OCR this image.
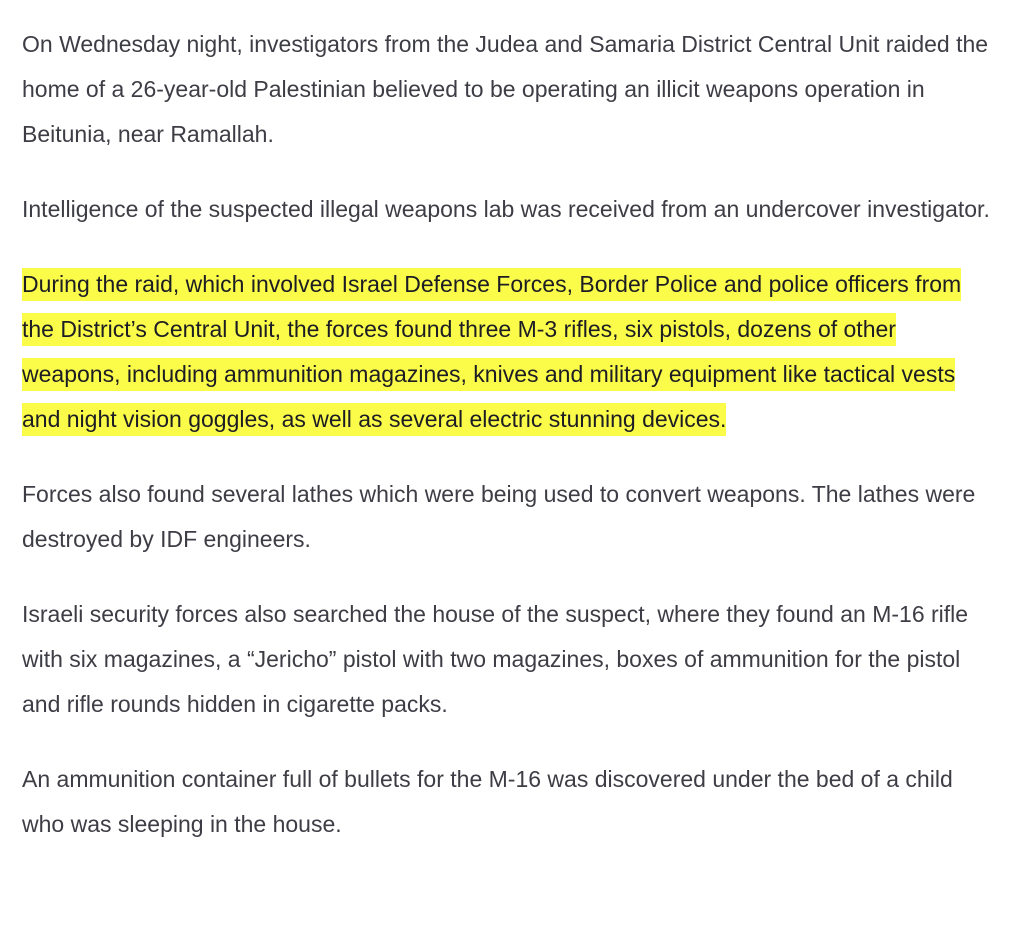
On Wednesday night, investigators from the Judea and Samaria District Central Unit raided the home of a 26-year-old Palestinian believed to be operating an illicit weapons operation in Beitunia, near Ramallah.

Intelligence of the suspected illegal weapons lab was received from an undercover investigator.

During the raid, which involved Israel Defense Forces, Border Police and police officers from the District’s Central Unit, the forces found three M-3 rifles, six pistols, dozens of other weapons, including ammunition magazines, knives and military equipment like tactical vests and night vision goggles, as well as several electric stunning devices.

Forces also found several lathes which were being used to convert weapons. The lathes were destroyed by IDF engineers.

Israeli security forces also searched the house of the suspect, where they found an M-16 rifle with six magazines, a “Jericho” pistol with two magazines, boxes of ammunition for the pistol and rifle rounds hidden in cigarette packs.

An ammunition container full of bullets for the M-16 was discovered under the bed of a child who was sleeping in the house.
